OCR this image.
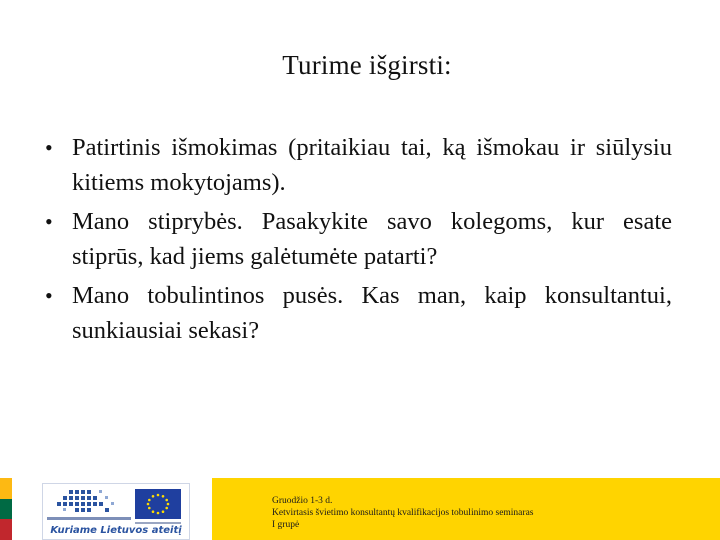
Turime išgirsti:
• Patirtinis išmokimas (pritaikiau tai, ką išmokau ir siūlysiu kitiems mokytojams).
• Mano stiprybės. Pasakykite savo kolegoms, kur esate stiprūs, kad jiems galėtumėte patarti?
• Mano tobulintinos pusės. Kas man, kaip konsultantui, sunkiausiai sekasi?
Kuriame Lietuvos ateitį
Gruodžio 1-3 d.
Ketvirtasis švietimo konsultantų kvalifikacijos tobulinimo seminaras
I grupė
